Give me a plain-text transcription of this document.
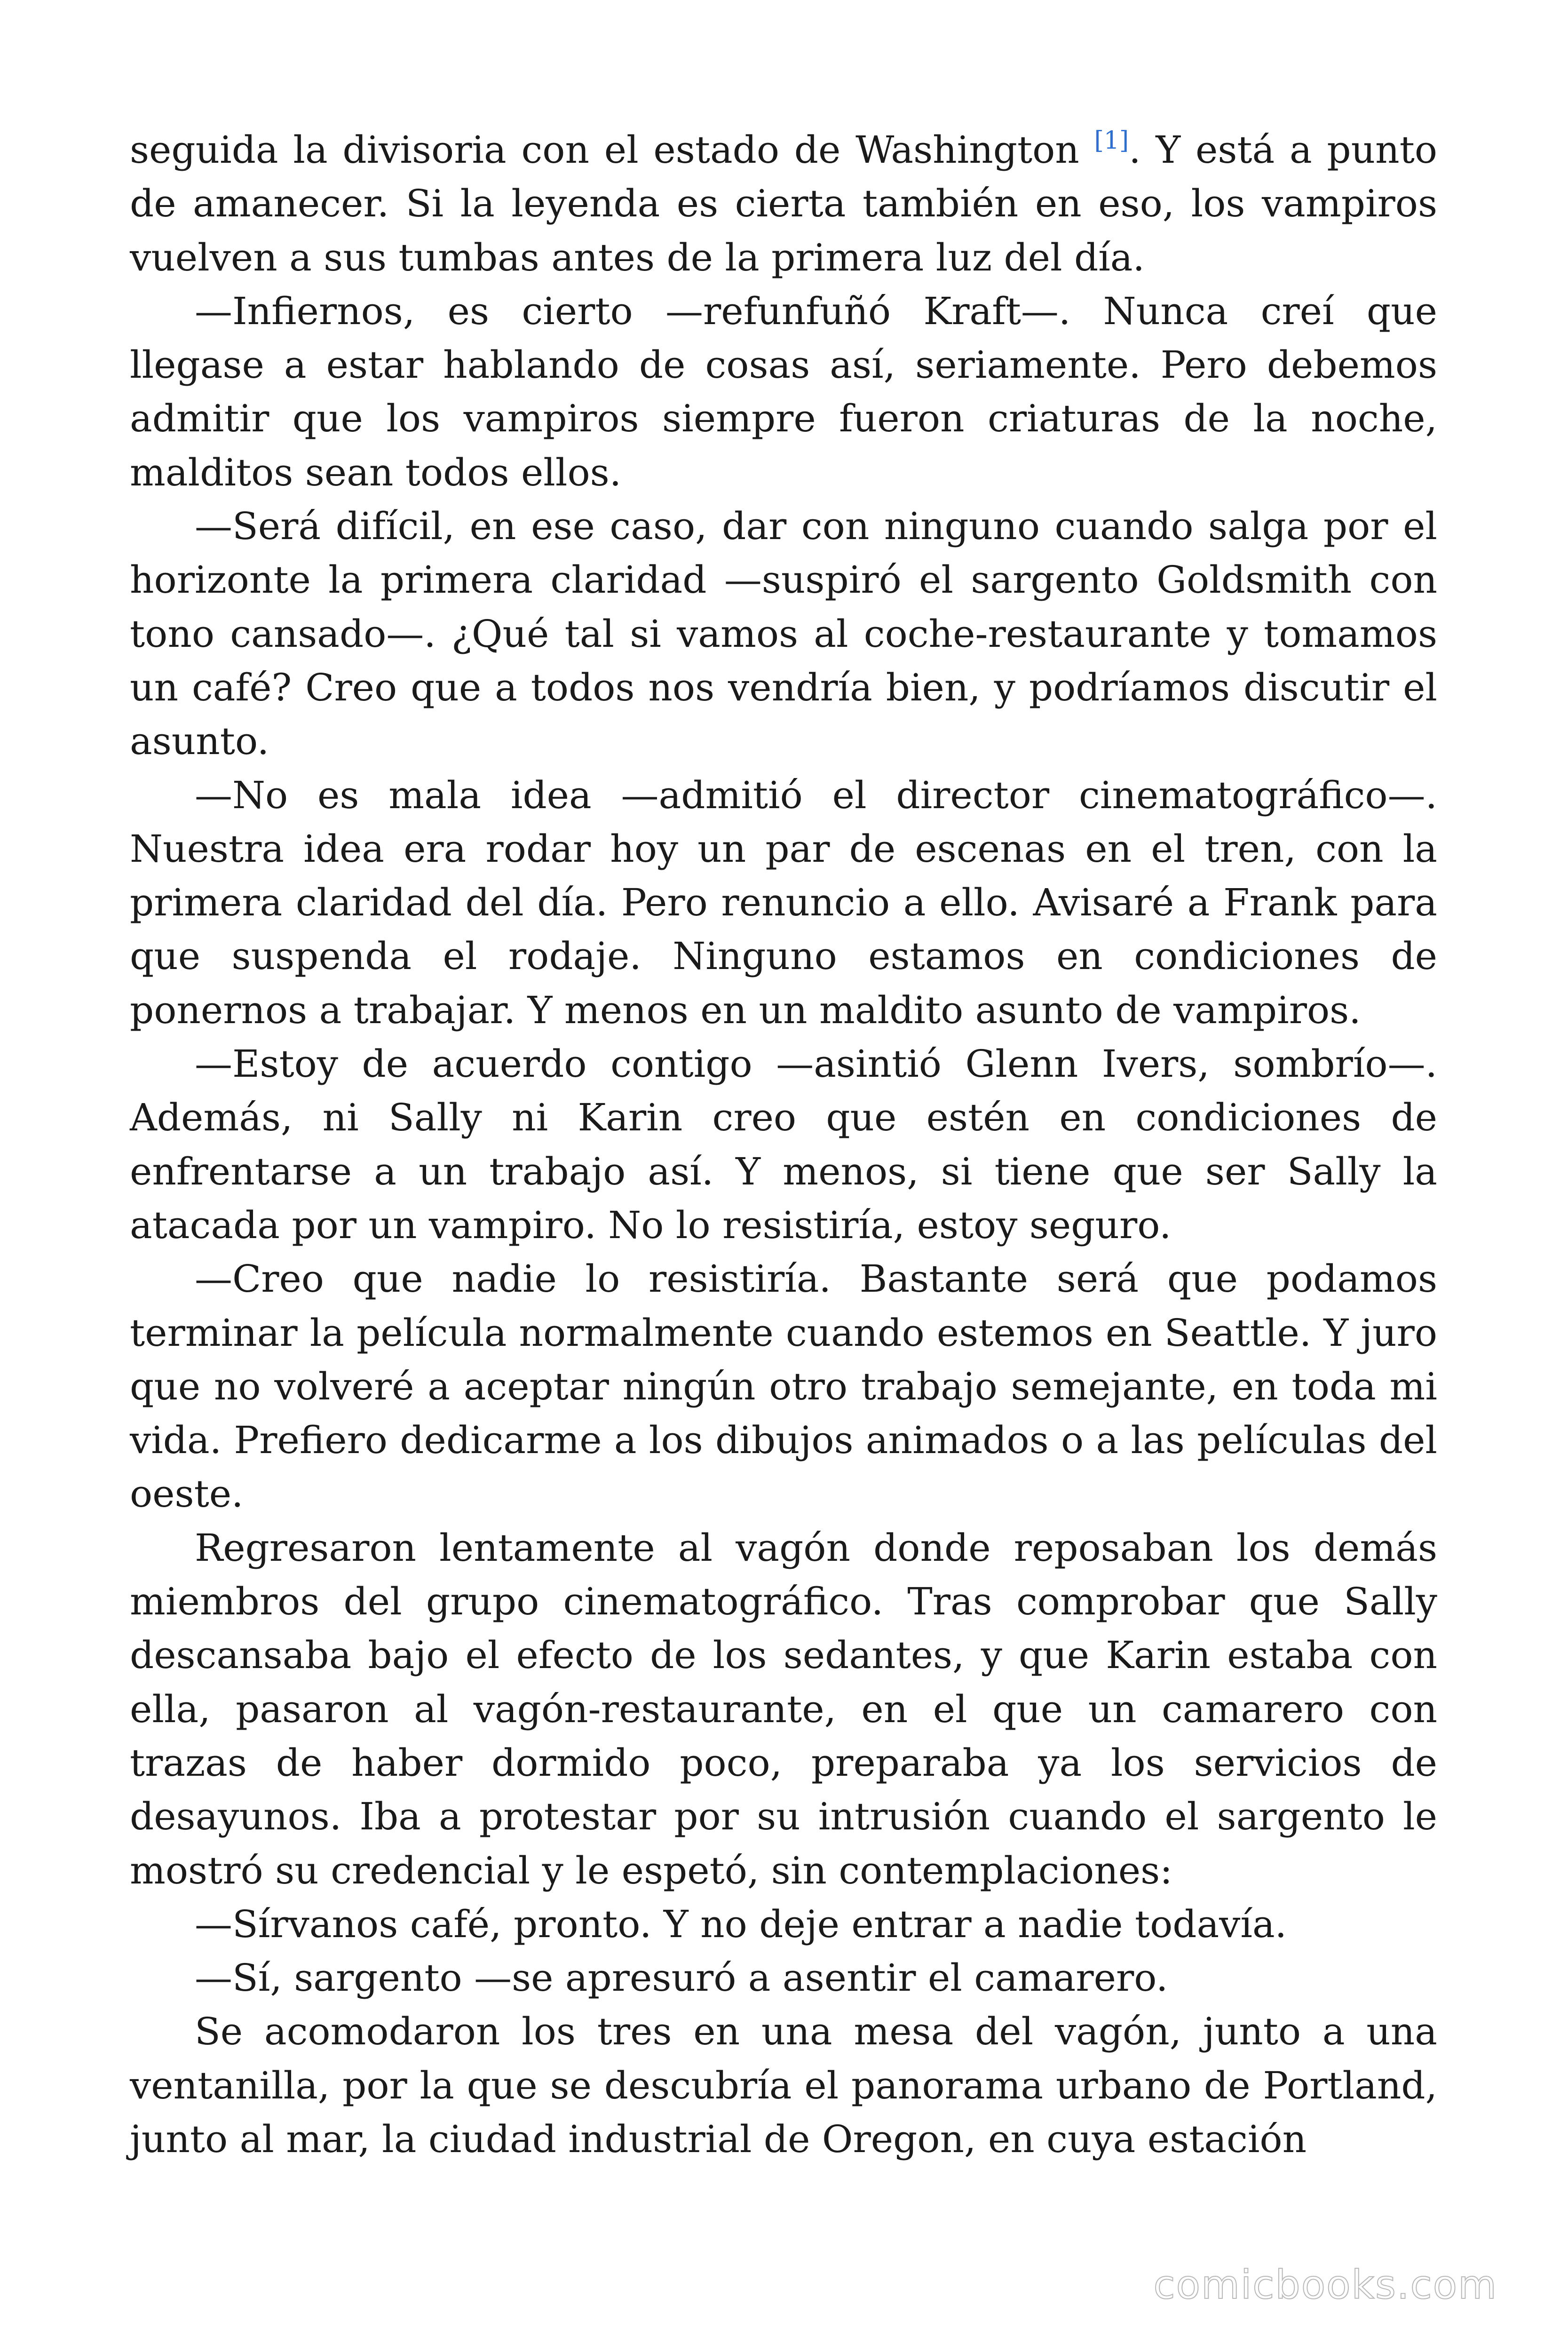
seguida la divisoria con el estado de Washington [1]. Y está a punto de amanecer. Si la leyenda es cierta también en eso, los vampiros vuelven a sus tumbas antes de la primera luz del día.

—Infiernos, es cierto —refunfuñó Kraft—. Nunca creí que llegase a estar hablando de cosas así, seriamente. Pero debemos admitir que los vampiros siempre fueron criaturas de la noche, malditos sean todos ellos.

—Será difícil, en ese caso, dar con ninguno cuando salga por el horizonte la primera claridad —suspiró el sargento Goldsmith con tono cansado—. ¿Qué tal si vamos al coche-restaurante y tomamos un café? Creo que a todos nos vendría bien, y podríamos discutir el asunto.

—No es mala idea —admitió el director cinematográfico—. Nuestra idea era rodar hoy un par de escenas en el tren, con la primera claridad del día. Pero renuncio a ello. Avisaré a Frank para que suspenda el rodaje. Ninguno estamos en condiciones de ponernos a trabajar. Y menos en un maldito asunto de vampiros.

—Estoy de acuerdo contigo —asintió Glenn Ivers, sombrío—. Además, ni Sally ni Karin creo que estén en condiciones de enfrentarse a un trabajo así. Y menos, si tiene que ser Sally la atacada por un vampiro. No lo resistiría, estoy seguro.

—Creo que nadie lo resistiría. Bastante será que podamos terminar la película normalmente cuando estemos en Seattle. Y juro que no volveré a aceptar ningún otro trabajo semejante, en toda mi vida. Prefiero dedicarme a los dibujos animados o a las películas del oeste.

Regresaron lentamente al vagón donde reposaban los demás miembros del grupo cinematográfico. Tras comprobar que Sally descansaba bajo el efecto de los sedantes, y que Karin estaba con ella, pasaron al vagón-restaurante, en el que un camarero con trazas de haber dormido poco, preparaba ya los servicios de desayunos. Iba a protestar por su intrusión cuando el sargento le mostró su credencial y le espetó, sin contemplaciones:

—Sírvanos café, pronto. Y no deje entrar a nadie todavía.

—Sí, sargento —se apresuró a asentir el camarero.

Se acomodaron los tres en una mesa del vagón, junto a una ventanilla, por la que se descubría el panorama urbano de Portland, junto al mar, la ciudad industrial de Oregon, en cuya estación

comicbooks.com
